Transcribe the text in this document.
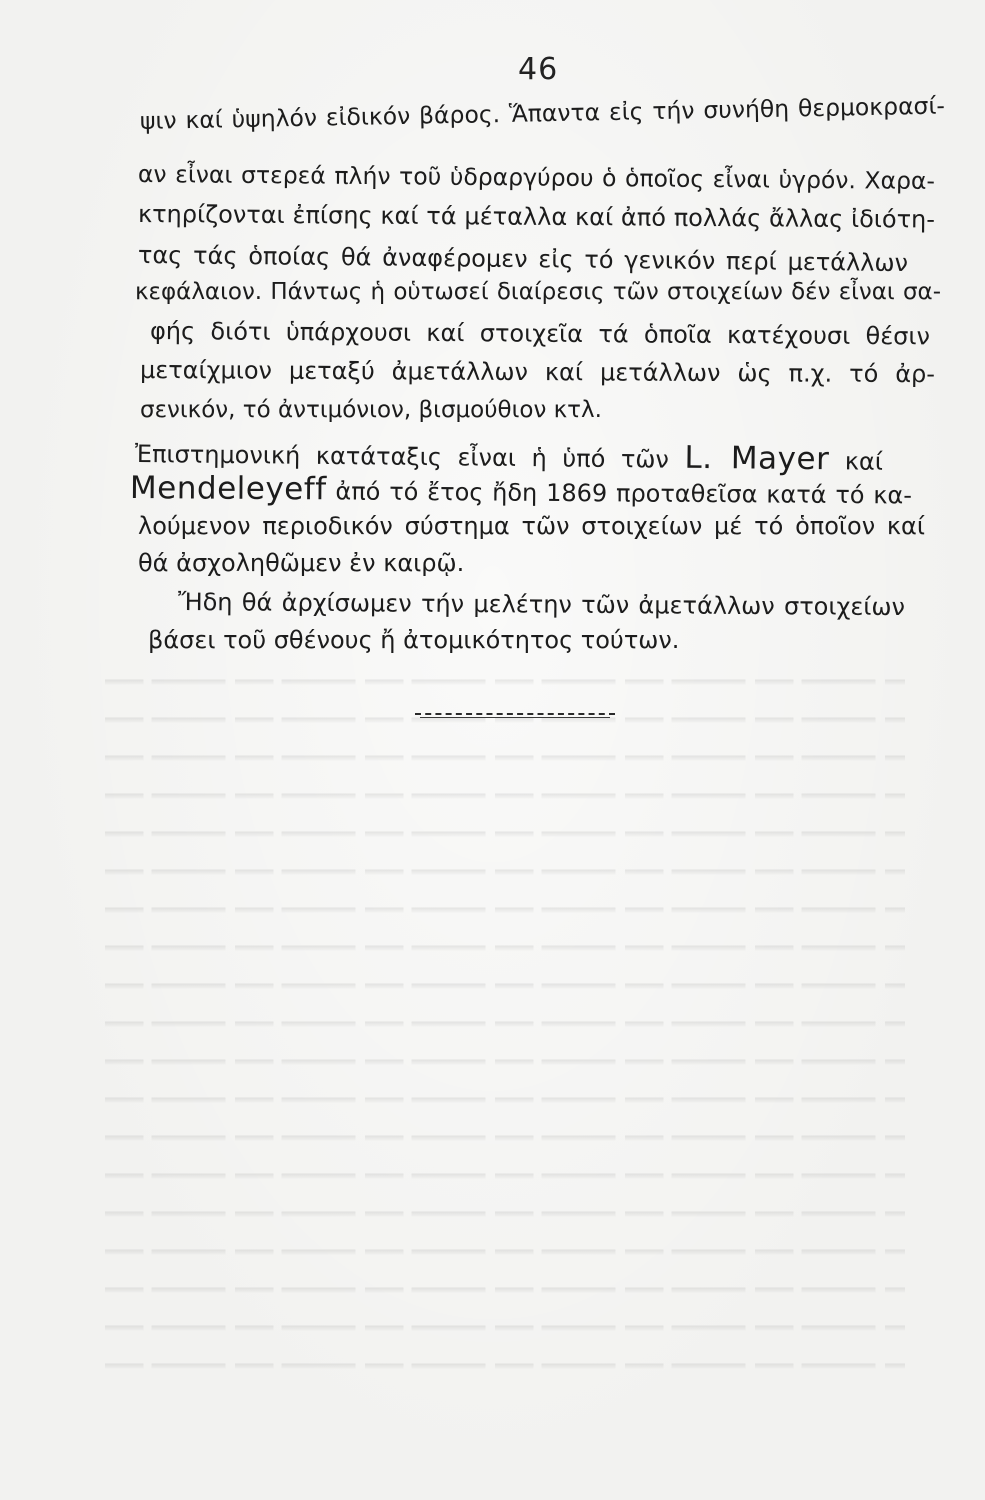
46
ψιν καί ὑψηλόν εἰδικόν βάρος. Ἅπαντα εἰς τήν συνήθη θερμοκρασί-
αν εἶναι στερεά πλήν τοῦ ὑδραργύρου ὁ ὁποῖος εἶναι ὑγρόν. Χαρα-
κτηρίζονται ἐπίσης καί τά μέταλλα καί ἀπό πολλάς ἄλλας ἰδιότη-
τας τάς ὁποίας θά ἀναφέρομεν εἰς τό γενικόν περί μετάλλων
κεφάλαιον. Πάντως ἡ οὑτωσεί διαίρεσις τῶν στοιχείων δέν εἶναι σα-
φής διότι ὑπάρχουσι καί στοιχεῖα τά ὁποῖα κατέχουσι θέσιν
μεταίχμιον μεταξύ ἀμετάλλων καί μετάλλων ὡς π.χ. τό ἀρ-
σενικόν, τό ἀντιμόνιον, βισμούθιον κτλ.
Ἐπιστημονική κατάταξις εἶναι ἡ ὑπό τῶν L. Mayer καί
Mendeleyeff ἀπό τό ἔτος ἤδη 1869 προταθεῖσα κατά τό κα-
λούμενον περιοδικόν σύστημα τῶν στοιχείων μέ τό ὁποῖον καί
θά ἀσχοληθῶμεν ἐν καιρῷ.
Ἤδη θά ἀρχίσωμεν τήν μελέτην τῶν ἀμετάλλων στοιχείων
βάσει τοῦ σθένους ἤ ἀτομικότητος τούτων.
